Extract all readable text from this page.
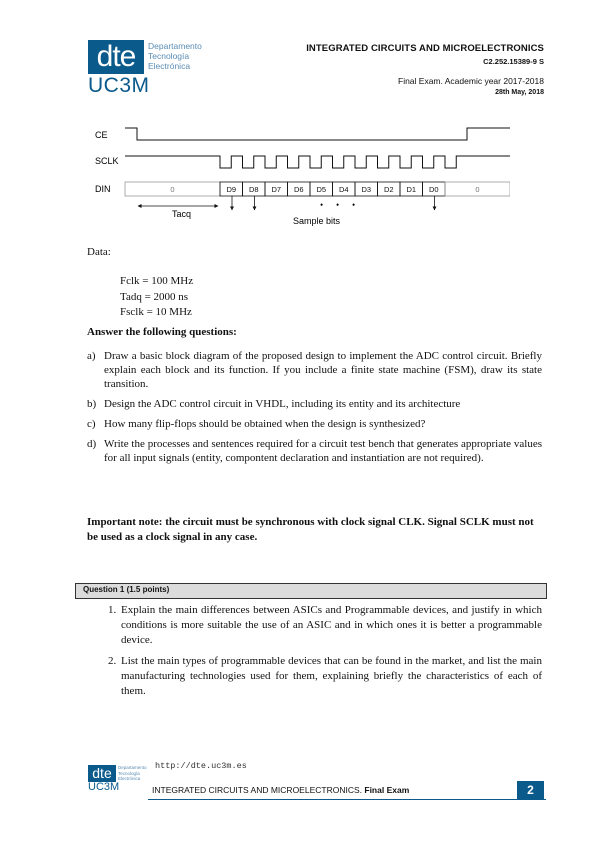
dte
UC3M
Departamento
Tecnología
Electrónica
INTEGRATED CIRCUITS AND MICROELECTRONICS
C2.252.15389-9 S
Final Exam. Academic year 2017-2018
28th May, 2018
CE
SCLK
DIN	0	D9 D8 D7 D6 D5 D4 D3 D2 D1 D0	0
Tacq
• • •
Sample bits
Data:
Fclk = 100 MHz
Tadq = 2000 ns
Fsclk = 10 MHz
Answer the following questions:
a) Draw a basic block diagram of the proposed design to implement the ADC control circuit. Briefly explain each block and its function. If you include a finite state machine (FSM), draw its state transition.
b) Design the ADC control circuit in VHDL, including its entity and its architecture
c) How many flip-flops should be obtained when the design is synthesized?
d) Write the processes and sentences required for a circuit test bench that generates appropriate values for all input signals (entity, compontent declaration and instantiation are not required).
Important note: the circuit must be synchronous with clock signal CLK. Signal SCLK must not be used as a clock signal in any case.
Question 1 (1.5 points)
1. Explain the main differences between ASICs and Programmable devices, and justify in which conditions is more suitable the use of an ASIC and in which ones it is better a programmable device.
2. List the main types of programmable devices that can be found in the market, and list the main manufacturing technologies used for them, explaining briefly the characteristics of each of them.
dte
UC3M
Departamento
Tecnología
Electrónica
http://dte.uc3m.es
INTEGRATED CIRCUITS AND MICROELECTRONICS. Final Exam	2
